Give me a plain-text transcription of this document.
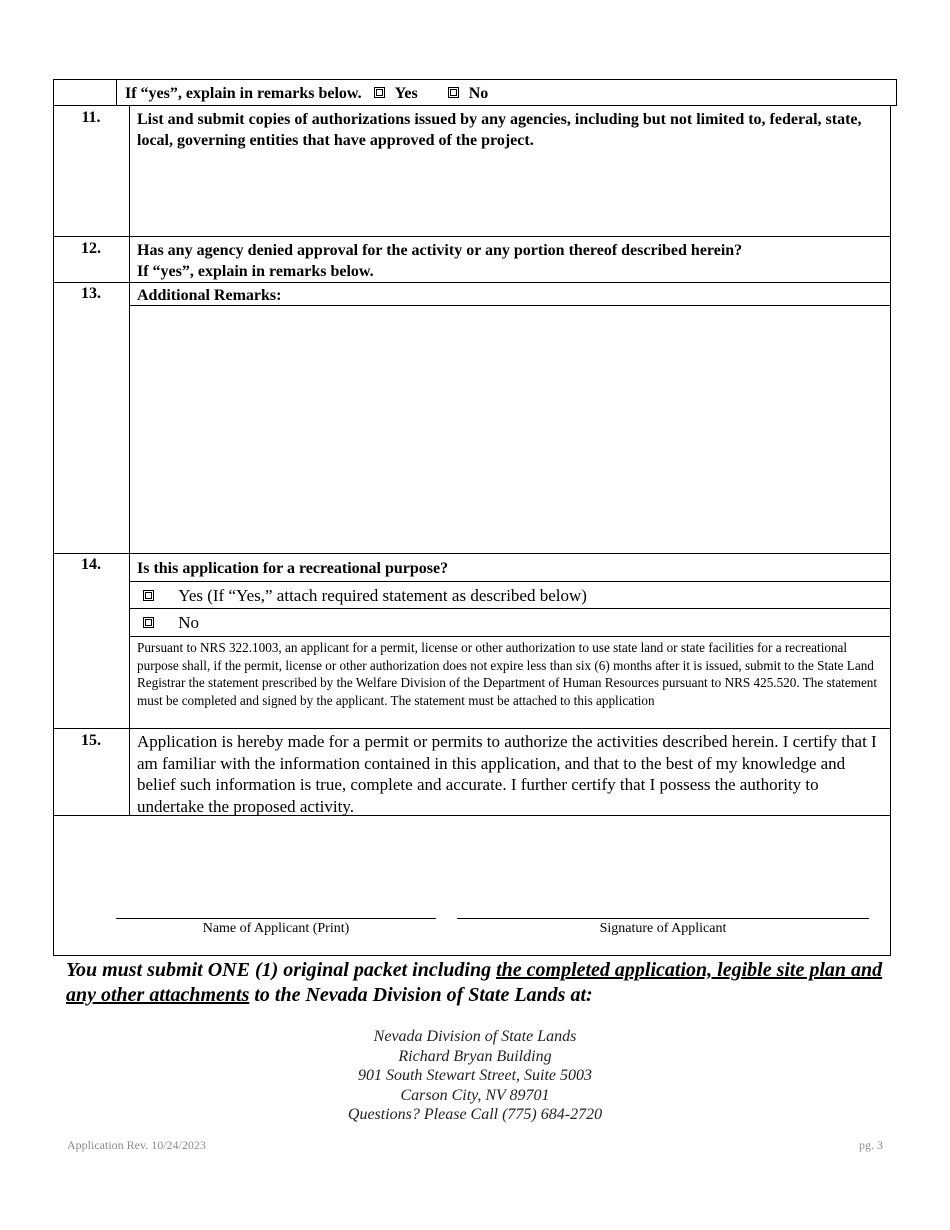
If “yes”, explain in remarks below. Yes	No
11.	List and submit copies of authorizations issued by any agencies, including but not limited to, federal, state, local, governing entities that have approved of the project.
12.	Has any agency denied approval for the activity or any portion thereof described herein?
If “yes”, explain in remarks below.
13.	Additional Remarks:
14.	Is this application for a recreational purpose?
Yes (If “Yes,” attach required statement as described below)
No
Pursuant to NRS 322.1003, an applicant for a permit, license or other authorization to use state land or state facilities for a recreational purpose shall, if the permit, license or other authorization does not expire less than six (6) months after it is issued, submit to the State Land Registrar the statement prescribed by the Welfare Division of the Department of Human Resources pursuant to NRS 425.520. The statement must be completed and signed by the applicant. The statement must be attached to this application
15.	Application is hereby made for a permit or permits to authorize the activities described herein. I certify that I am familiar with the information contained in this application, and that to the best of my knowledge and belief such information is true, complete and accurate. I further certify that I possess the authority to undertake the proposed activity.
Name of Applicant (Print)	Signature of Applicant
You must submit ONE (1) original packet including the completed application, legible site plan and any other attachments to the Nevada Division of State Lands at:
Nevada Division of State Lands
Richard Bryan Building
901 South Stewart Street, Suite 5003
Carson City, NV 89701
Questions? Please Call (775) 684-2720
Application Rev. 10/24/2023	pg. 3
